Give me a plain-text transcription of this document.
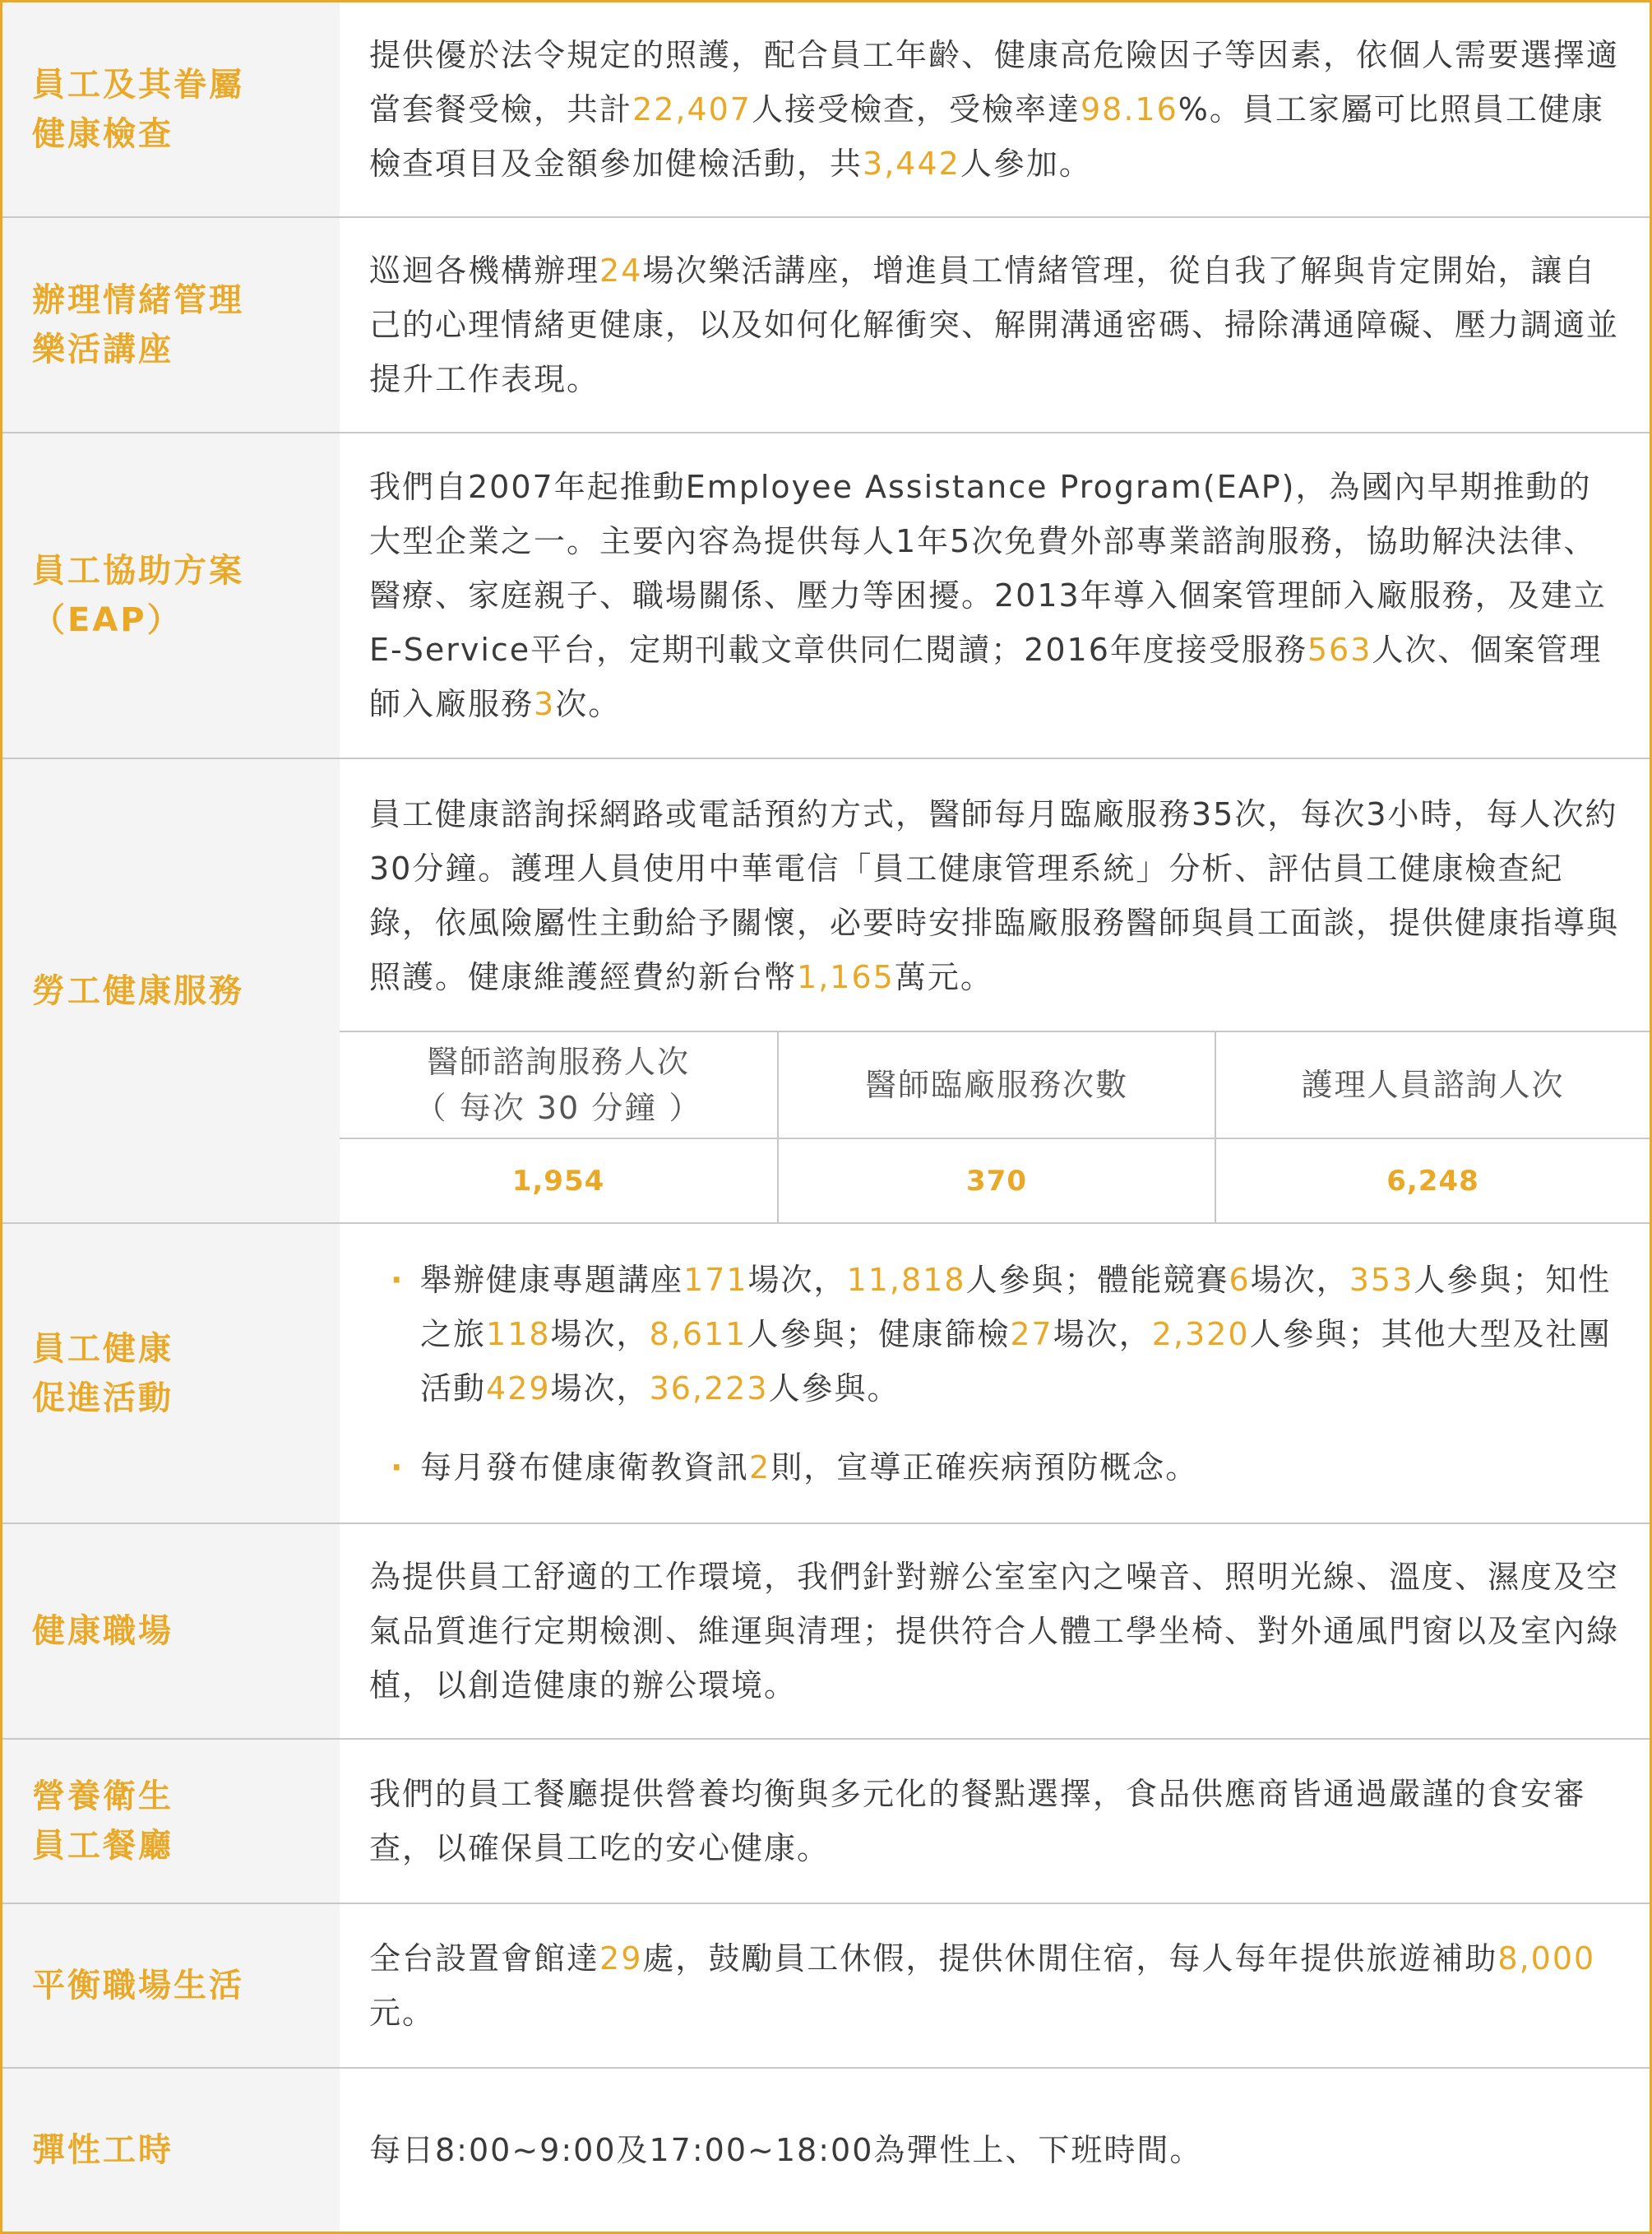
員工及其眷屬
健康檢查
提供優於法令規定的照護，配合員工年齡、健康高危險因子等因素，依個人需要選擇適當套餐受檢，共計22,407人接受檢查，受檢率達98.16%。員工家屬可比照員工健康檢查項目及金額參加健檢活動，共3,442人參加。
辦理情緒管理
樂活講座
巡迴各機構辦理24場次樂活講座，增進員工情緒管理，從自我了解與肯定開始，讓自己的心理情緒更健康，以及如何化解衝突、解開溝通密碼、掃除溝通障礙、壓力調適並提升工作表現。
員工協助方案
（EAP）
我們自2007年起推動Employee Assistance Program(EAP)，為國內早期推動的大型企業之一。主要內容為提供每人1年5次免費外部專業諮詢服務，協助解決法律、醫療、家庭親子、職場關係、壓力等困擾。2013年導入個案管理師入廠服務，及建立E-Service平台，定期刊載文章供同仁閱讀；2016年度接受服務563人次、個案管理師入廠服務3次。
勞工健康服務
員工健康諮詢採網路或電話預約方式，醫師每月臨廠服務35次，每次3小時，每人次約30分鐘。護理人員使用中華電信「員工健康管理系統」分析、評估員工健康檢查紀錄，依風險屬性主動給予關懷，必要時安排臨廠服務醫師與員工面談，提供健康指導與照護。健康維護經費約新台幣1,165萬元。
醫師諮詢服務人次
（ 每次 30 分鐘 ）
1,954
醫師臨廠服務次數
370
護理人員諮詢人次
6,248
員工健康
促進活動
· 舉辦健康專題講座171場次，11,818人參與；體能競賽6場次，353人參與；知性之旅118場次，8,611人參與；健康篩檢27場次，2,320人參與；其他大型及社團活動429場次，36,223人參與。
· 每月發布健康衛教資訊2則，宣導正確疾病預防概念。
健康職場
為提供員工舒適的工作環境，我們針對辦公室室內之噪音、照明光線、溫度、濕度及空氣品質進行定期檢測、維運與清理；提供符合人體工學坐椅、對外通風門窗以及室內綠植，以創造健康的辦公環境。
營養衛生
員工餐廳
我們的員工餐廳提供營養均衡與多元化的餐點選擇，食品供應商皆通過嚴謹的食安審查，以確保員工吃的安心健康。
平衡職場生活
全台設置會館達29處，鼓勵員工休假，提供休閒住宿，每人每年提供旅遊補助8,000元。
彈性工時	每日8:00~9:00及17:00~18:00為彈性上、下班時間。
